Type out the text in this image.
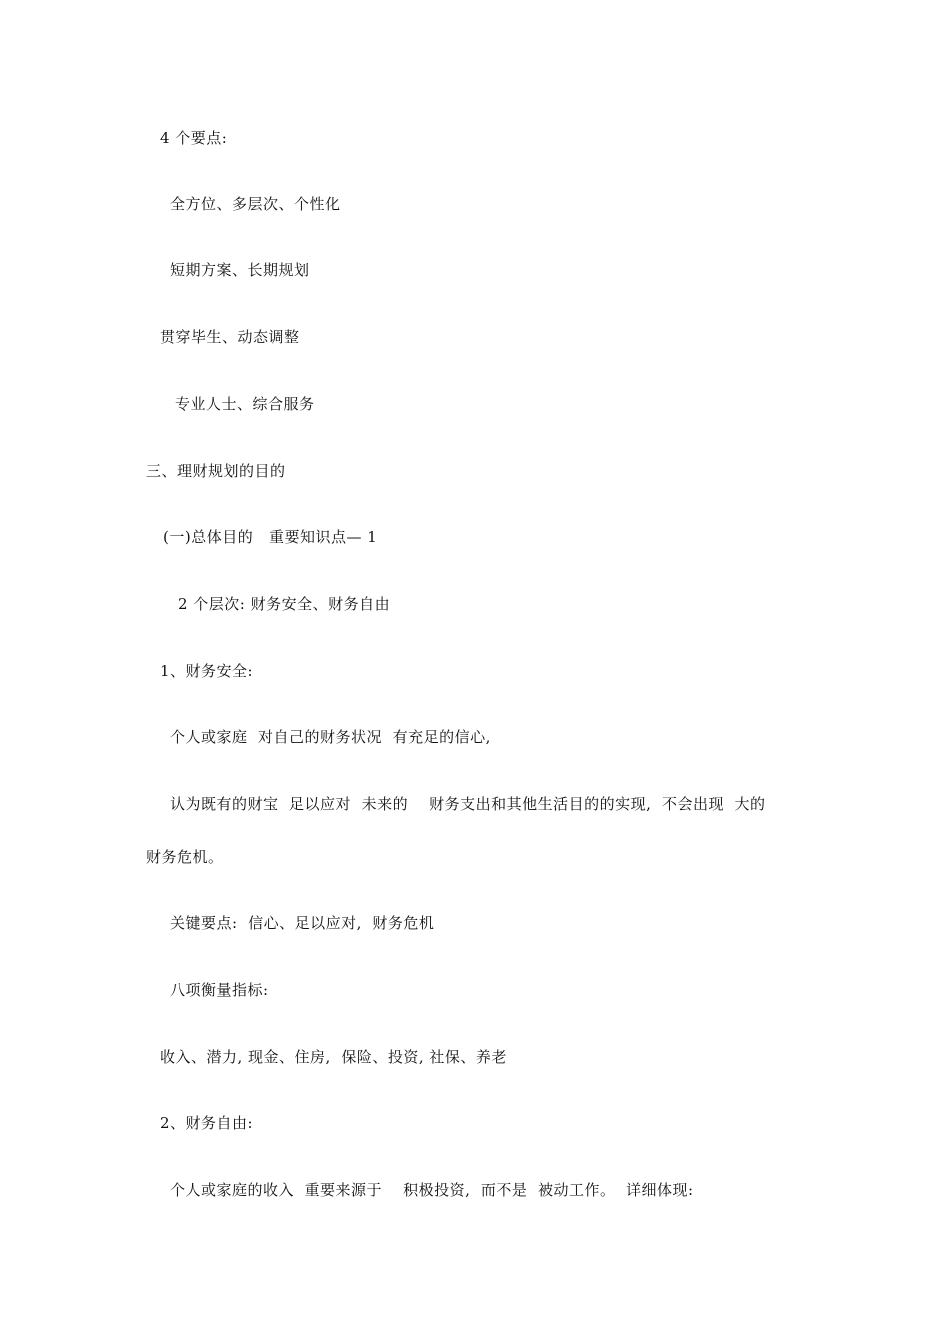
4 个要点:
全方位、多层次、个性化
短期方案、长期规划
贯穿毕生、动态调整
专业人士、综合服务
三、理财规划的目的
(一)总体目的   重要知识点— 1
2 个层次: 财务安全、财务自由
1、财务安全:
个人或家庭  对自己的财务状况  有充足的信心,
认为既有的财宝  足以应对  未来的    财务支出和其他生活目的的实现,  不会出现  大的
财务危机。
关键要点:  信心、足以应对,  财务危机
八项衡量指标:
收入、潜力, 现金、住房,  保险、投资, 社保、养老
2、财务自由:
个人或家庭的收入  重要来源于    积极投资,  而不是  被动工作。  详细体现:
